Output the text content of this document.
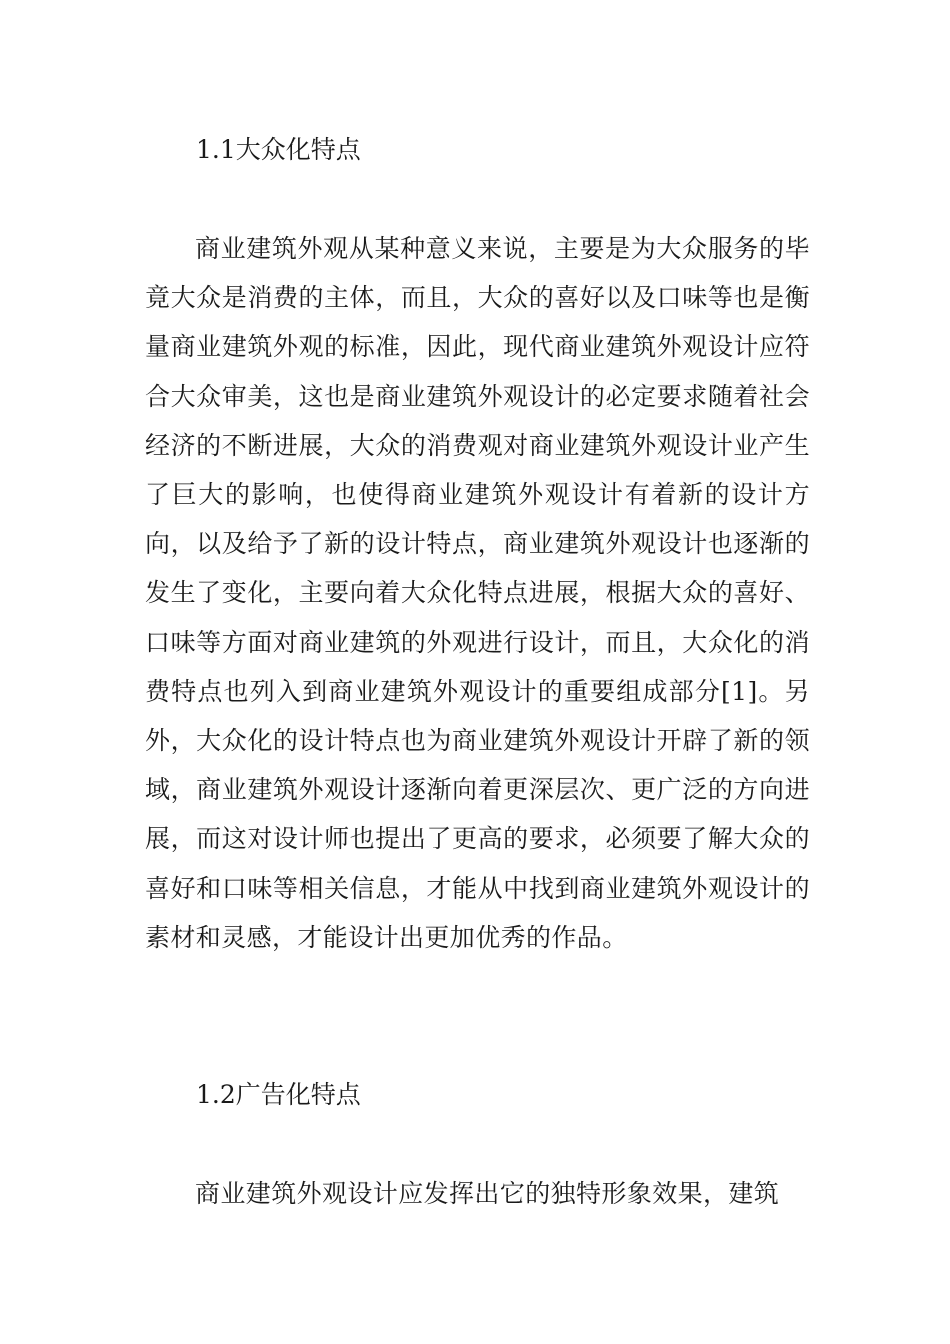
1.1大众化特点

商业建筑外观从某种意义来说，主要是为大众服务的毕竟大众是消费的主体，而且，大众的喜好以及口味等也是衡量商业建筑外观的标准，因此，现代商业建筑外观设计应符合大众审美，这也是商业建筑外观设计的必定要求随着社会经济的不断进展，大众的消费观对商业建筑外观设计业产生了巨大的影响，也使得商业建筑外观设计有着新的设计方向，以及给予了新的设计特点，商业建筑外观设计也逐渐的发生了变化，主要向着大众化特点进展，根据大众的喜好、口味等方面对商业建筑的外观进行设计，而且，大众化的消费特点也列入到商业建筑外观设计的重要组成部分[1]。另外，大众化的设计特点也为商业建筑外观设计开辟了新的领域，商业建筑外观设计逐渐向着更深层次、更广泛的方向进展，而这对设计师也提出了更高的要求，必须要了解大众的喜好和口味等相关信息，才能从中找到商业建筑外观设计的素材和灵感，才能设计出更加优秀的作品。

1.2广告化特点

商业建筑外观设计应发挥出它的独特形象效果，建筑
